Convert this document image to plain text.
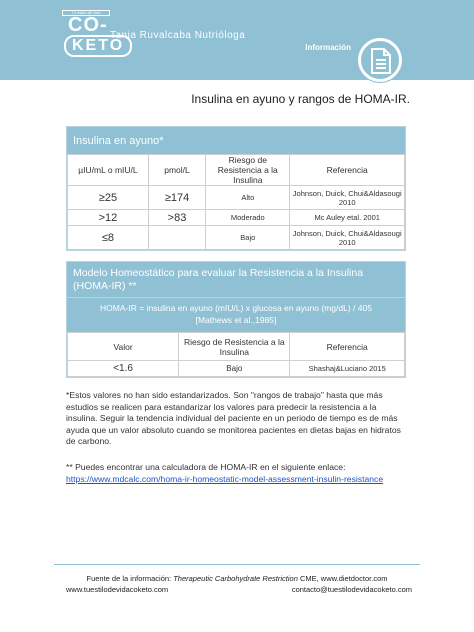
Tu estilo de vida
CO-
KETO
Tania Ruvalcaba Nutrióloga
Información
Insulina en ayuno y rangos de HOMA-IR.
Insulina en ayuno*
µIU/mL o mIU/L	pmol/L	Riesgo de Resistencia a la Insulina	Referencia
≥25	≥174	Alto	Johnson, Duick, Chui&Aldasougi 2010
>12	>83	Moderado	Mc Auley etal. 2001
≤8		Bajo	Johnson, Duick, Chui&Aldasougi 2010
Modelo Homeostático para evaluar la Resistencia a la Insulina (HOMA-IR) **
HOMA-IR = insulina en ayuno (mIU/L) x glucosa en ayuno (mg/dL) / 405
[Mathews et al.,1985]
Valor	Riesgo de Resistencia a la Insulina	Referencia
<1.6	Bajo	Shashaj&Luciano 2015
*Estos valores no han sido estandarizados. Son "rangos de trabajo" hasta que más estudios se realicen para estandarizar los valores para predecir la resistencia a la insulina. Seguir la tendencia individual del paciente en un periodo de tiempo es de más ayuda que un valor absoluto cuando se monitorea pacientes en dietas bajas en hidratos de carbono.
** Puedes encontrar una calculadora de HOMA-IR en el siguiente enlace: https://www.mdcalc.com/homa-ir-homeostatic-model-assessment-insulin-resistance
Fuente de la información: Therapeutic Carbohydrate Restriction CME, www.dietdoctor.com
www.tuestilodevidacoketo.com	contacto@tuestilodevidacoketo.com
